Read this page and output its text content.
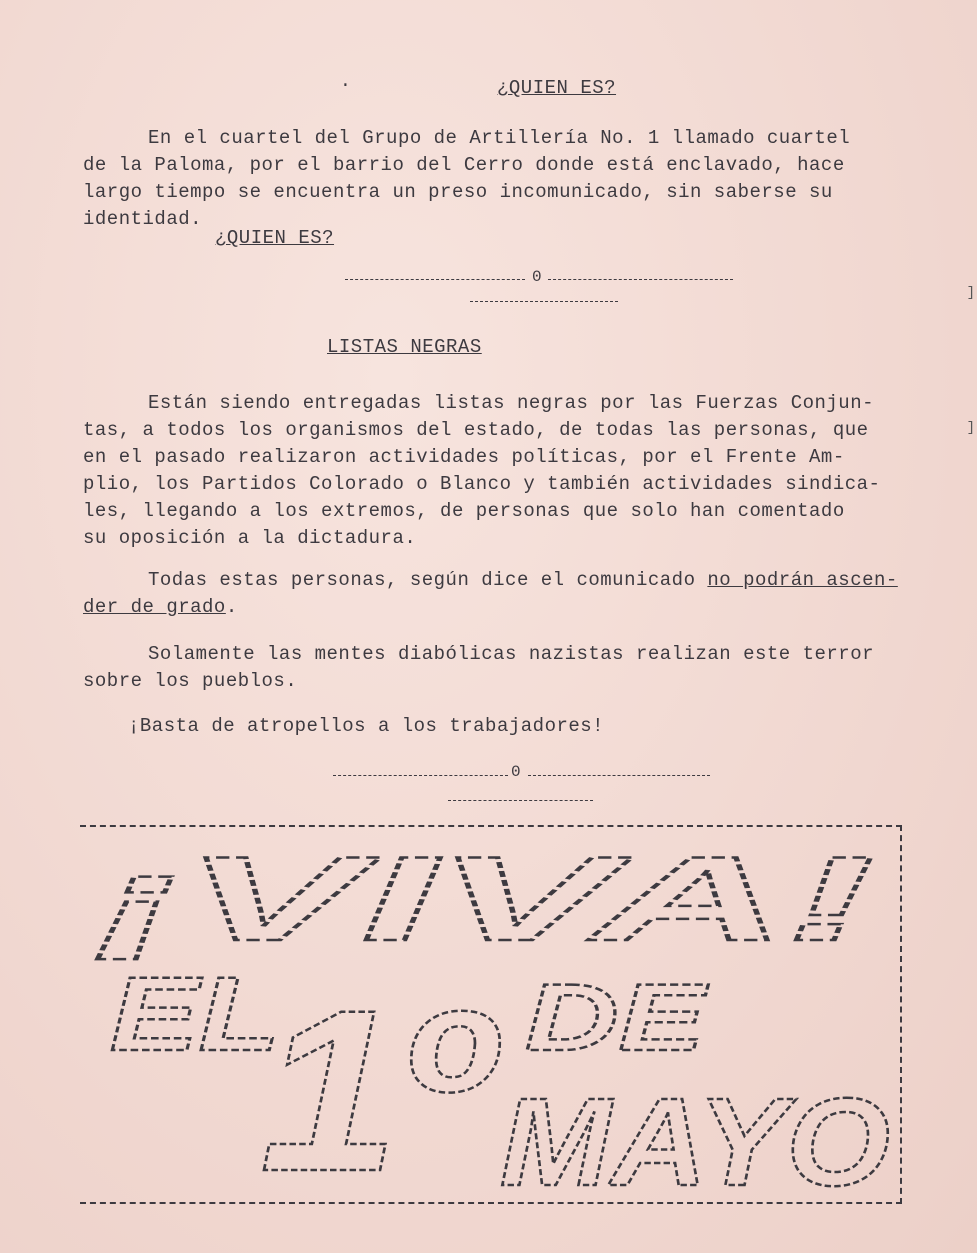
.	¿QUIEN ES?
En el cuartel del Grupo de Artillería No. 1 llamado cuartel
de la Paloma, por el barrio del Cerro donde está enclavado, hace
largo tiempo se encuentra un preso incomunicado, sin saberse su
identidad.
¿QUIEN ES?
0
LISTAS NEGRAS
Están siendo entregadas listas negras por las Fuerzas Conjun-
tas, a todos los organismos del estado, de todas las personas, que
en el pasado realizaron actividades políticas, por el Frente Am-
plio, los Partidos Colorado o Blanco y también actividades sindica-
les, llegando a los extremos, de personas que solo han comentado
su oposición a la dictadura.
Todas estas personas, según dice el comunicado no podrán ascen-
der de grado.
Solamente las mentes diabólicas nazistas realizan este terror
sobre los pueblos.
¡Basta de atropellos a los trabajadores!
0
¡VIVA!
EL
1º DE
MAYO
]
]
